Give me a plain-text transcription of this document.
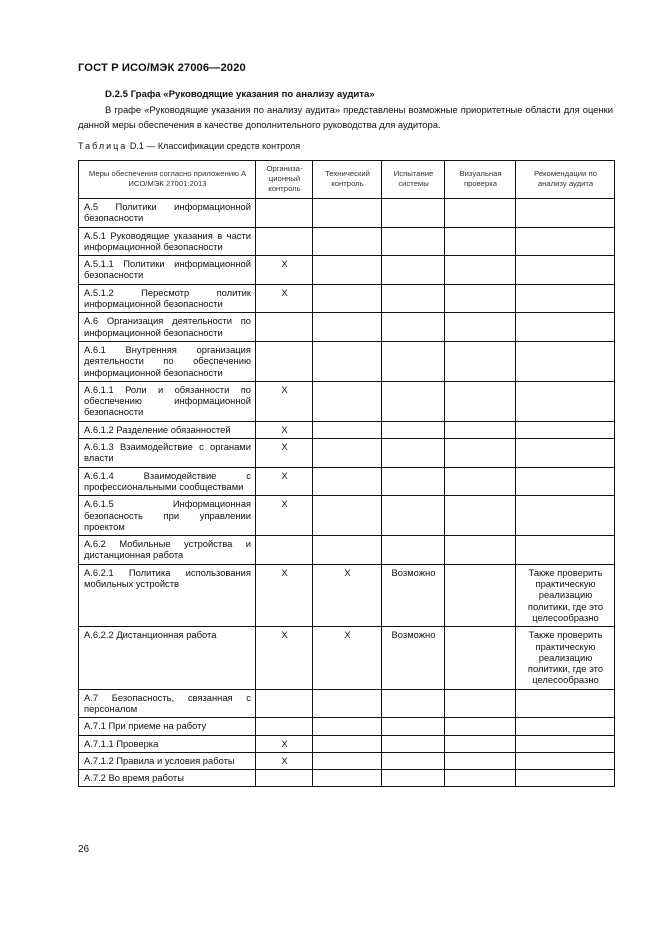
ГОСТ Р ИСО/МЭК 27006—2020
D.2.5 Графа «Руководящие указания по анализу аудита»
В графе «Руководящие указания по анализу аудита» представлены возможные приоритетные области для оценки данной меры обеспечения в качестве дополнительного руководства для аудитора.
Таблица D.1 — Классификации средств контроля
Меры обеспечения согласно приложению А ИСО/МЭК 27001:2013	Организа-ционный контроль	Технический контроль	Испытание системы	Визуальная проверка	Рекомендации по анализу аудита
А.5 Политики информационной безопасности					
А.5.1 Руководящие указания в части информационной безопасности					
А.5.1.1 Политики информационной безопасности	X				
А.5.1.2 Пересмотр политик информационной безопасности	X				
А.6 Организация деятельности по информационной безопасности					
А.6.1 Внутренняя организация деятельности по обеспечению информационной безопасности					
А.6.1.1 Роли и обязанности по обеспечению информационной безопасности	X				
А.6.1.2 Разделение обязанностей	X				
А.6.1.3 Взаимодействие с органами власти	X				
А.6.1.4 Взаимодействие с профессиональными сообществами	X				
А.6.1.5 Информационная безопасность при управлении проектом	X				
А.6.2 Мобильные устройства и дистанционная работа					
А.6.2.1 Политика использования мобильных устройств	X	X	Возможно		Также проверить практическую реализацию политики, где это целесообразно
А.6.2.2 Дистанционная работа	X	X	Возможно		Также проверить практическую реализацию политики, где это целесообразно
А.7 Безопасность, связанная с персоналом					
А.7.1 При приеме на работу					
А.7.1.1 Проверка	X				
А.7.1.2 Правила и условия работы	X				
А.7.2 Во время работы					
26
